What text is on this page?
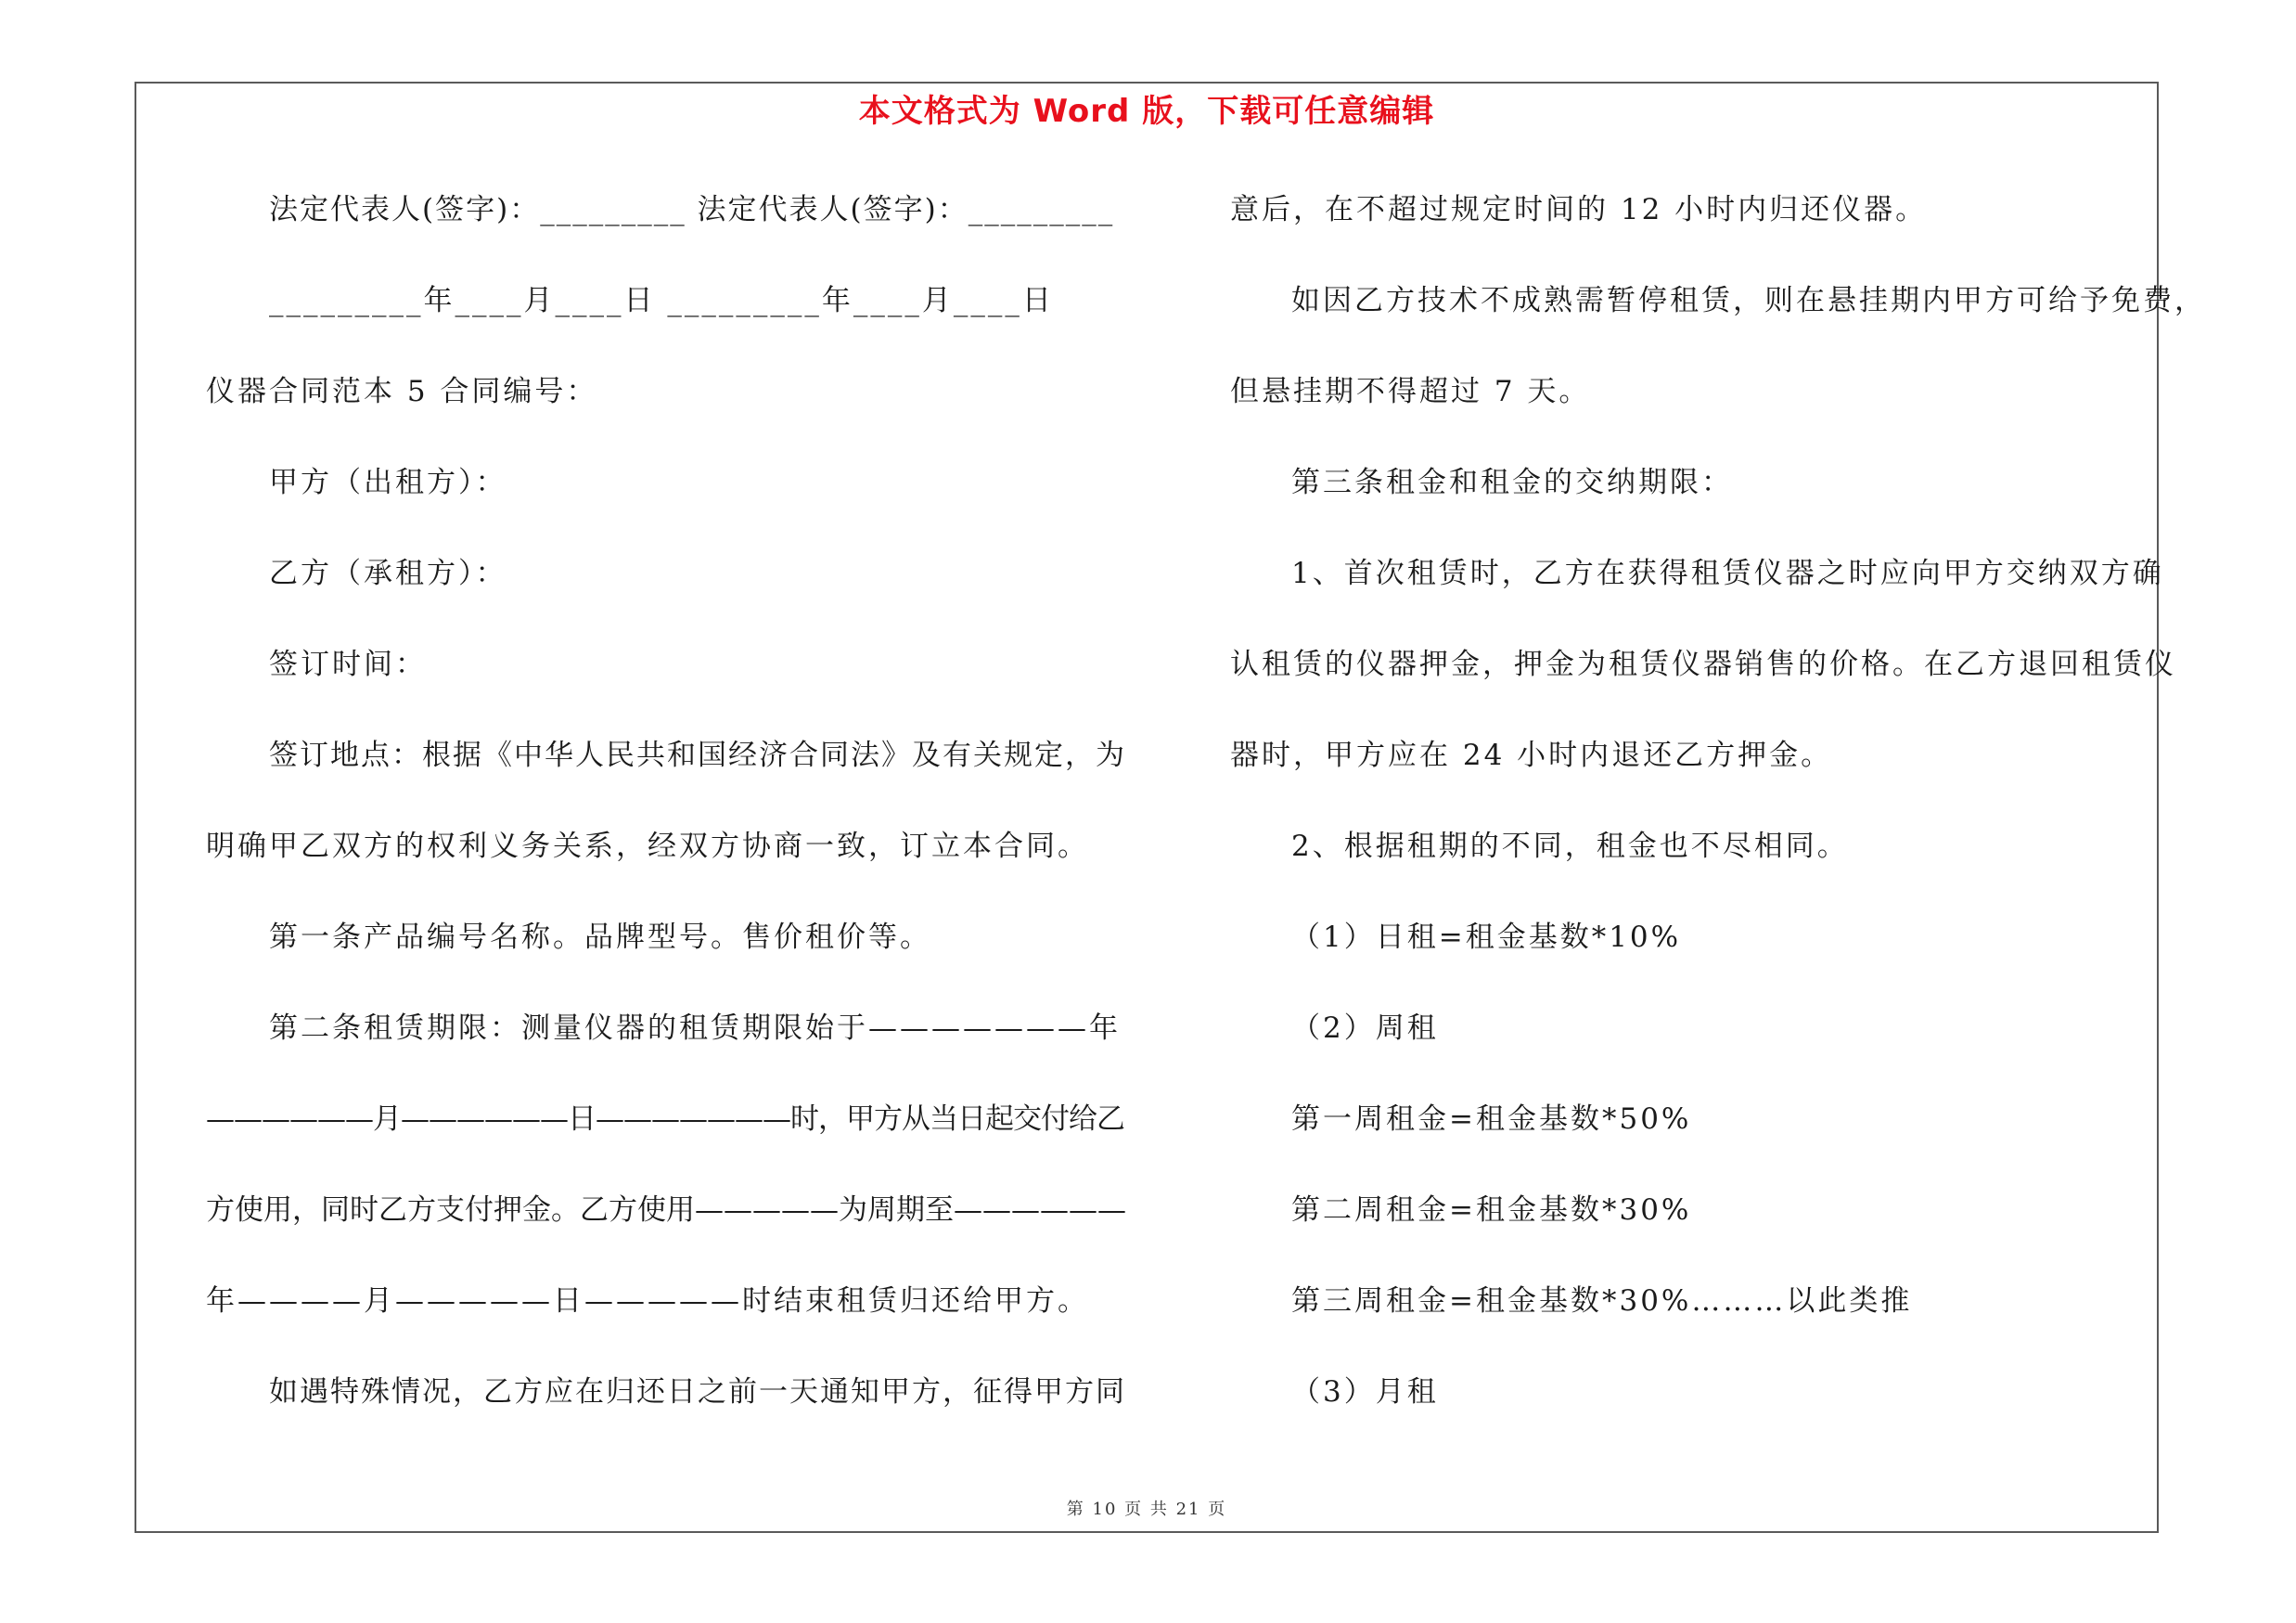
本文格式为 Word 版，下载可任意编辑
法定代表人(签字)：_________ 法定代表人(签字)：_________
_________年____月____日 _________年____月____日
仪器合同范本 5 合同编号：
甲方（出租方）：
乙方（承租方）：
签订时间：
签订地点：根据《中华人民共和国经济合同法》及有关规定，为
明确甲乙双方的权利义务关系，经双方协商一致，订立本合同。
第一条产品编号名称。品牌型号。售价租价等。
第二条租赁期限：测量仪器的租赁期限始于———————年
——————月——————日———————时，甲方从当日起交付给乙
方使用，同时乙方支付押金。乙方使用—————为周期至——————
年————月—————日—————时结束租赁归还给甲方。
如遇特殊情况，乙方应在归还日之前一天通知甲方，征得甲方同
意后，在不超过规定时间的 12 小时内归还仪器。
如因乙方技术不成熟需暂停租赁，则在悬挂期内甲方可给予免费，
但悬挂期不得超过 7 天。
第三条租金和租金的交纳期限：
1、首次租赁时，乙方在获得租赁仪器之时应向甲方交纳双方确
认租赁的仪器押金，押金为租赁仪器销售的价格。在乙方退回租赁仪
器时，甲方应在 24 小时内退还乙方押金。
2、根据租期的不同，租金也不尽相同。
（1）日租=租金基数*10%
（2）周租
第一周租金=租金基数*50%
第二周租金=租金基数*30%
第三周租金=租金基数*30%………以此类推
（3）月租
第 10 页 共 21 页
